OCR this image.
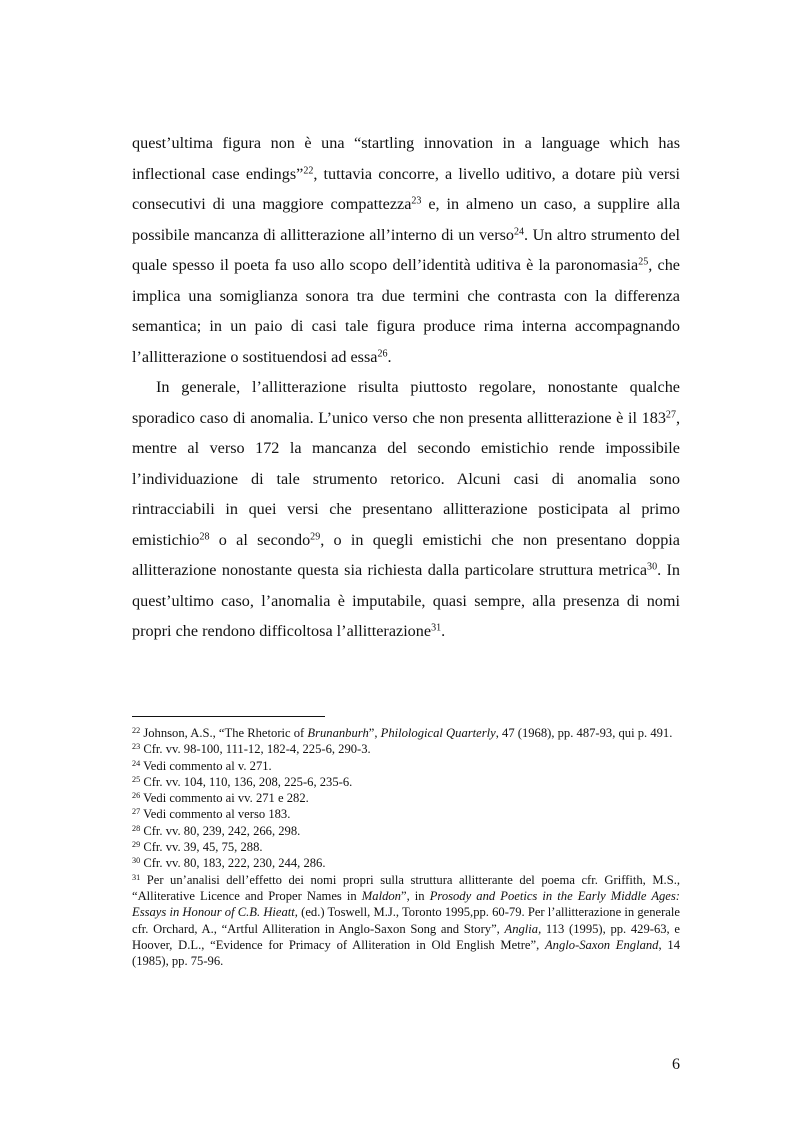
quest’ultima figura non è una “startling innovation in a language which has inflectional case endings”$^{22}$, tuttavia concorre, a livello uditivo, a dotare più versi consecutivi di una maggiore compattezza$^{23}$ e, in almeno un caso, a supplire alla possibile mancanza di allitterazione all’interno di un verso$^{24}$. Un altro strumento del quale spesso il poeta fa uso allo scopo dell’identità uditiva è la paronomasia$^{25}$, che implica una somiglianza sonora tra due termini che contrasta con la differenza semantica; in un paio di casi tale figura produce rima interna accompagnando l’allitterazione o sostituendosi ad essa$^{26}$.

In generale, l’allitterazione risulta piuttosto regolare, nonostante qualche sporadico caso di anomalia. L’unico verso che non presenta allitterazione è il $183^{27}$, mentre al verso 172 la mancanza del secondo emistichio rende impossibile l’individuazione di tale strumento retorico. Alcuni casi di anomalia sono rintracciabili in quei versi che presentano allitterazione posticipata al primo emistichio$^{28}$ o al secondo$^{29}$, o in quegli emistichi che non presentano doppia allitterazione nonostante questa sia richiesta dalla particolare struttura metrica$^{30}$. In quest’ultimo caso, l’anomalia è imputabile, quasi sempre, alla presenza di nomi propri che rendono difficoltosa l’allitterazione$^{31}$.

$^{22}$ Johnson, A.S., “The Rhetoric of Brunanburh”, Philological Quarterly, 47 (1968), pp. 487-93, qui p. 491.

$^{23}$ Cfr. vv. 98-100, 111-12, 182-4, 225-6, 290-3.

$^{24}$ Vedi commento al v. 271.

$^{25}$ Cfr. vv. 104, 110, 136, 208, 225-6, 235-6.

$^{26}$ Vedi commento ai vv. 271 e 282.

$^{27}$ Vedi commento al verso 183.

$^{28}$ Cfr. vv. 80, 239, 242, 266, 298.

$^{29}$ Cfr. vv. 39, 45, 75, 288.

$^{30}$ Cfr. vv. 80, 183, 222, 230, 244, 286.

$^{31}$ Per un’analisi dell’effetto dei nomi propri sulla struttura allitterante del poema cfr. Griffith, M.S., “Alliterative Licence and Proper Names in Maldon”, in Prosody and Poetics in the Early Middle Ages: Essays in Honour of C.B. Hieatt, (ed.) Toswell, M.J., Toronto 1995,pp. 60-79. Per l’allitterazione in generale cfr. Orchard, A., “Artful Alliteration in Anglo-Saxon Song and Story”, Anglia, 113 (1995), pp. 429-63, e Hoover, D.L., “Evidence for Primacy of Alliteration in Old English Metre”, Anglo-Saxon England, 14 (1985), pp. 75-96.

6
